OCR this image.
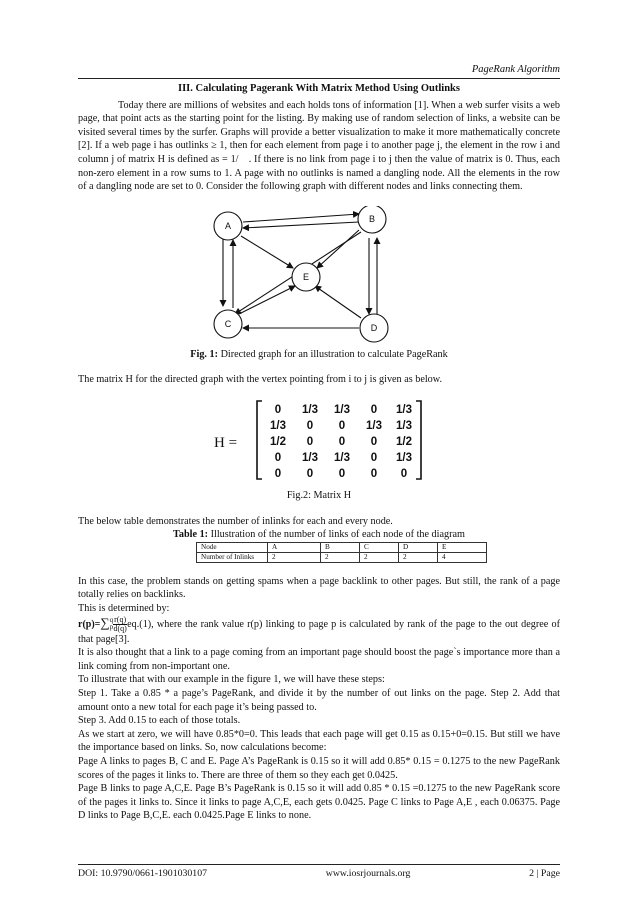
PageRank Algorithm
III. Calculating Pagerank With Matrix Method Using Outlinks

Today there are millions of websites and each holds tons of information [1]. When a web surfer visits a web page, that point acts as the starting point for the listing. By making use of random selection of links, a website can be visited several times by the surfer. Graphs will provide a better visualization to make it more mathematically concrete [2]. If a web page i has outlinks ≥ 1, then for each element from page i to another page j, the element in the row i and column j of matrix H is defined as = 1/ . If there is no link from page i to j then the value of matrix is 0. Thus, each non-zero element in a row sums to 1. A page with no outlinks is named a dangling node. All the elements in the row of a dangling node are set to 0. Consider the following graph with different nodes and links connecting them.

A
B
E
C	D
Fig. 1: Directed graph for an illustration to calculate PageRank

The matrix H for the directed graph with the vertex pointing from i to j is given as below.

H =
0 1/3 1/3 0 1/3
1/3 0 0 1/3 1/3
1/2 0 0 0 1/2
0 1/3 1/3 0 1/3
0 0 0 0 0
Fig.2: Matrix H

The below table demonstrates the number of inlinks for each and every node.

Table 1: Illustration of the number of links of each node of the diagram
Node	A	B	C	D	E
Number of Inlinks	2	2	2	2	4

In this case, the problem stands on getting spams when a page backlink to other pages. But still, the rank of a page totally relies on backlinks.

This is determined by:

r(p)=∑ q
p $\frac{r(q)}{d(q)} eq.(1)$, where the rank value r(p) linking to page p is calculated by rank of the page to the out degree of that page[3].

It is also thought that a link to a page coming from an important page should boost the page`s importance more than a link coming from non-important one.

To illustrate that with our example in the figure 1, we will have these steps:

Step 1. Take a 0.85 * a page’s PageRank, and divide it by the number of out links on the page. Step 2. Add that amount onto a new total for each page it’s being passed to.

Step 3. Add 0.15 to each of those totals.

As we start at zero, we will have 0.85*0=0. This leads that each page will get 0.15 as 0.15+0=0.15. But still we have the importance based on links. So, now calculations become:

Page A links to pages B, C and E. Page A’s PageRank is 0.15 so it will add 0.85* 0.15 = 0.1275 to the new PageRank scores of the pages it links to. There are three of them so they each get 0.0425.

Page B links to page A,C,E. Page B’s PageRank is 0.15 so it will add 0.85 * 0.15 =0.1275 to the new PageRank score of the pages it links to. Since it links to page A,C,E, each gets 0.0425. Page C links to Page A,E , each 0.06375. Page D links to Page B,C,E. each 0.0425.Page E links to none.

DOI: 10.9790/0661-1901030107	www.iosrjournals.org	2 | Page
